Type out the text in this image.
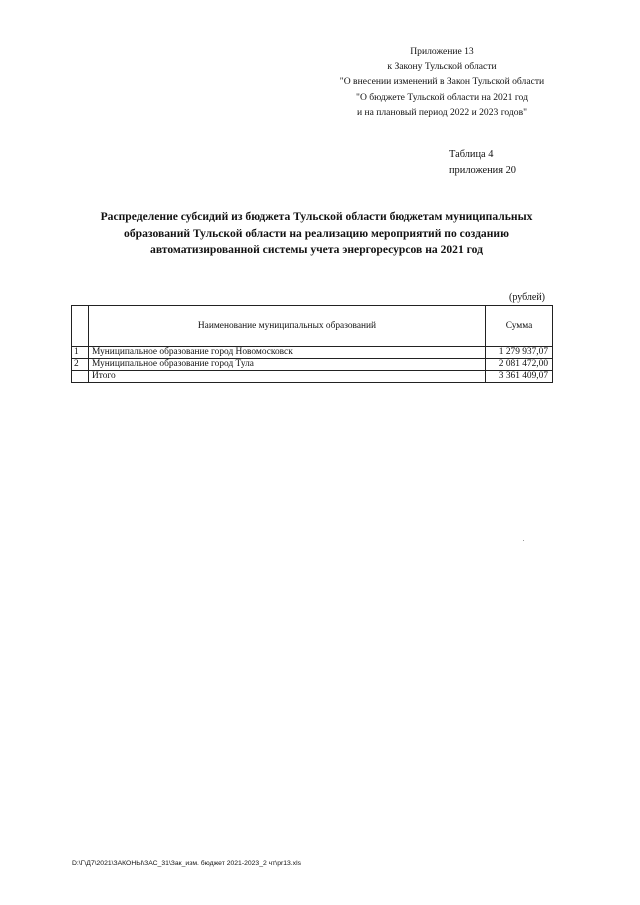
Приложение 13
к Закону Тульской области
"О внесении изменений в Закон Тульской области
"О бюджете Тульской области на 2021 год
и на плановый период 2022 и 2023 годов"
Таблица 4
приложения 20
Распределение субсидий из бюджета Тульской области бюджетам муниципальных
образований Тульской области на реализацию мероприятий по созданию
автоматизированной системы учета энергоресурсов на 2021 год
(рублей)
	Наименование муниципальных образований	Сумма
1	Муниципальное образование город Новомосковск	1 279 937,07
2	Муниципальное образование город Тула	2 081 472,00
	Итого	3 361 409,07
D:\Г\Д7\2021\ЗАКОНЫ\ЗАС_31\Зак_изм. бюджет 2021-2023_2 чт\pr13.xls
